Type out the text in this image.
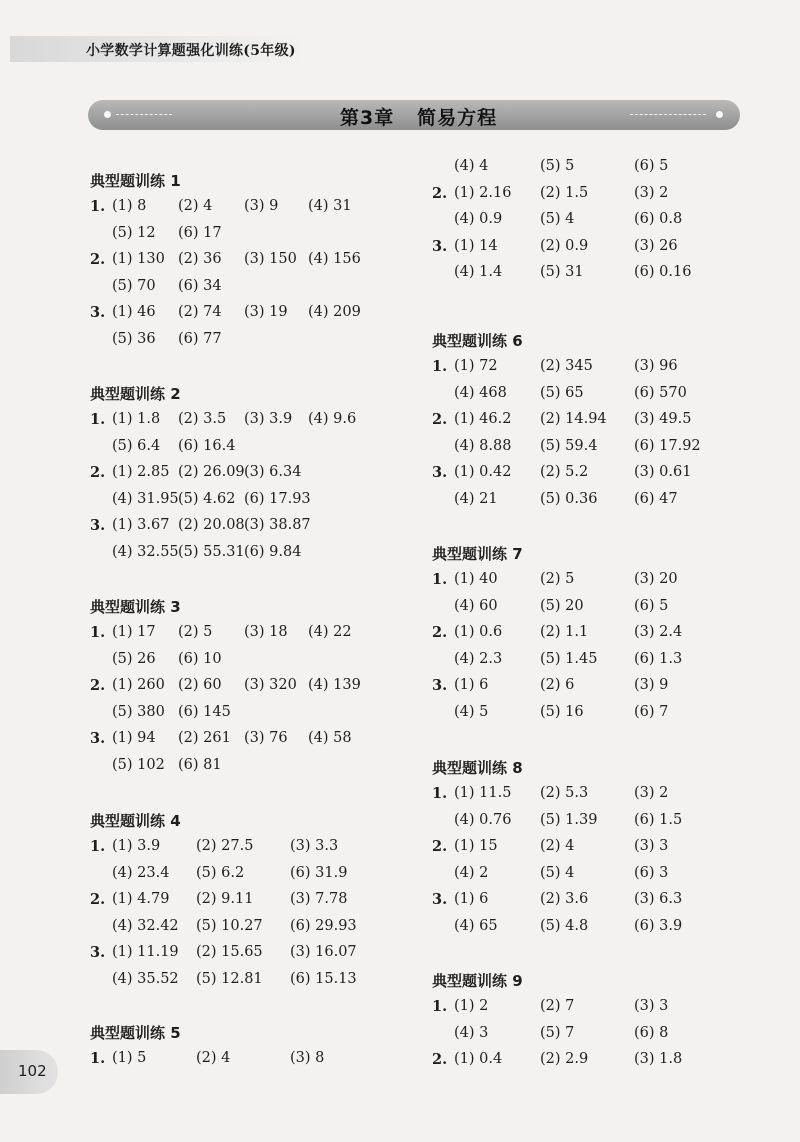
小学数学计算题强化训练(5年级)
第3章   简易方程
典型题训练 1
1. (1) 8 (2) 4 (3) 9 (4) 31
(5) 12 (6) 17
2. (1) 130 (2) 36 (3) 150 (4) 156
(5) 70 (6) 34
3. (1) 46 (2) 74 (3) 19 (4) 209
(5) 36 (6) 77
典型题训练 2
1. (1) 1.8 (2) 3.5 (3) 3.9 (4) 9.6
(5) 6.4 (6) 16.4
2. (1) 2.85 (2) 26.09 (3) 6.34
(4) 31.95 (5) 4.62 (6) 17.93
3. (1) 3.67 (2) 20.08 (3) 38.87
(4) 32.55 (5) 55.31 (6) 9.84
典型题训练 3
1. (1) 17 (2) 5 (3) 18 (4) 22
(5) 26 (6) 10
2. (1) 260 (2) 60 (3) 320 (4) 139
(5) 380 (6) 145
3. (1) 94 (2) 261 (3) 76 (4) 58
(5) 102 (6) 81
典型题训练 4
1. (1) 3.9 (2) 27.5	(3) 3.3
(4) 23.4 (5) 6.2	(6) 31.9
2. (1) 4.79 (2) 9.11	(3) 7.78
(4) 32.42 (5) 10.27 (6) 29.93
3. (1) 11.19 (2) 15.65 (3) 16.07
(4) 35.52 (5) 12.81 (6) 15.13
典型题训练 5
1. (1) 5	(2) 4	(3) 8
(4) 4	(5) 5	(6) 5
2. (1) 2.16 (2) 1.5	(3) 2
(4) 0.9	(5) 4	(6) 0.8
3. (1) 14	(2) 0.9	(3) 26
(4) 1.4	(5) 31	(6) 0.16
典型题训练 6
1. (1) 72	(2) 345	(3) 96
(4) 468 (5) 65	(6) 570
2. (1) 46.2 (2) 14.94 (3) 49.5
(4) 8.88 (5) 59.4	(6) 17.92
3. (1) 0.42 (2) 5.2	(3) 0.61
(4) 21	(5) 0.36	(6) 47
典型题训练 7
1. (1) 40	(2) 5	(3) 20
(4) 60	(5) 20	(6) 5
2. (1) 0.6	(2) 1.1	(3) 2.4
(4) 2.3	(5) 1.45	(6) 1.3
3. (1) 6	(2) 6	(3) 9
(4) 5	(5) 16	(6) 7
典型题训练 8
1. (1) 11.5 (2) 5.3	(3) 2
(4) 0.76 (5) 1.39	(6) 1.5
2. (1) 15	(2) 4	(3) 3
(4) 2	(5) 4	(6) 3
3. (1) 6	(2) 3.6	(3) 6.3
(4) 65	(5) 4.8	(6) 3.9
典型题训练 9
1. (1) 2	(2) 7	(3) 3
(4) 3	(5) 7	(6) 8
2. (1) 0.4	(2) 2.9	(3) 1.8
102
